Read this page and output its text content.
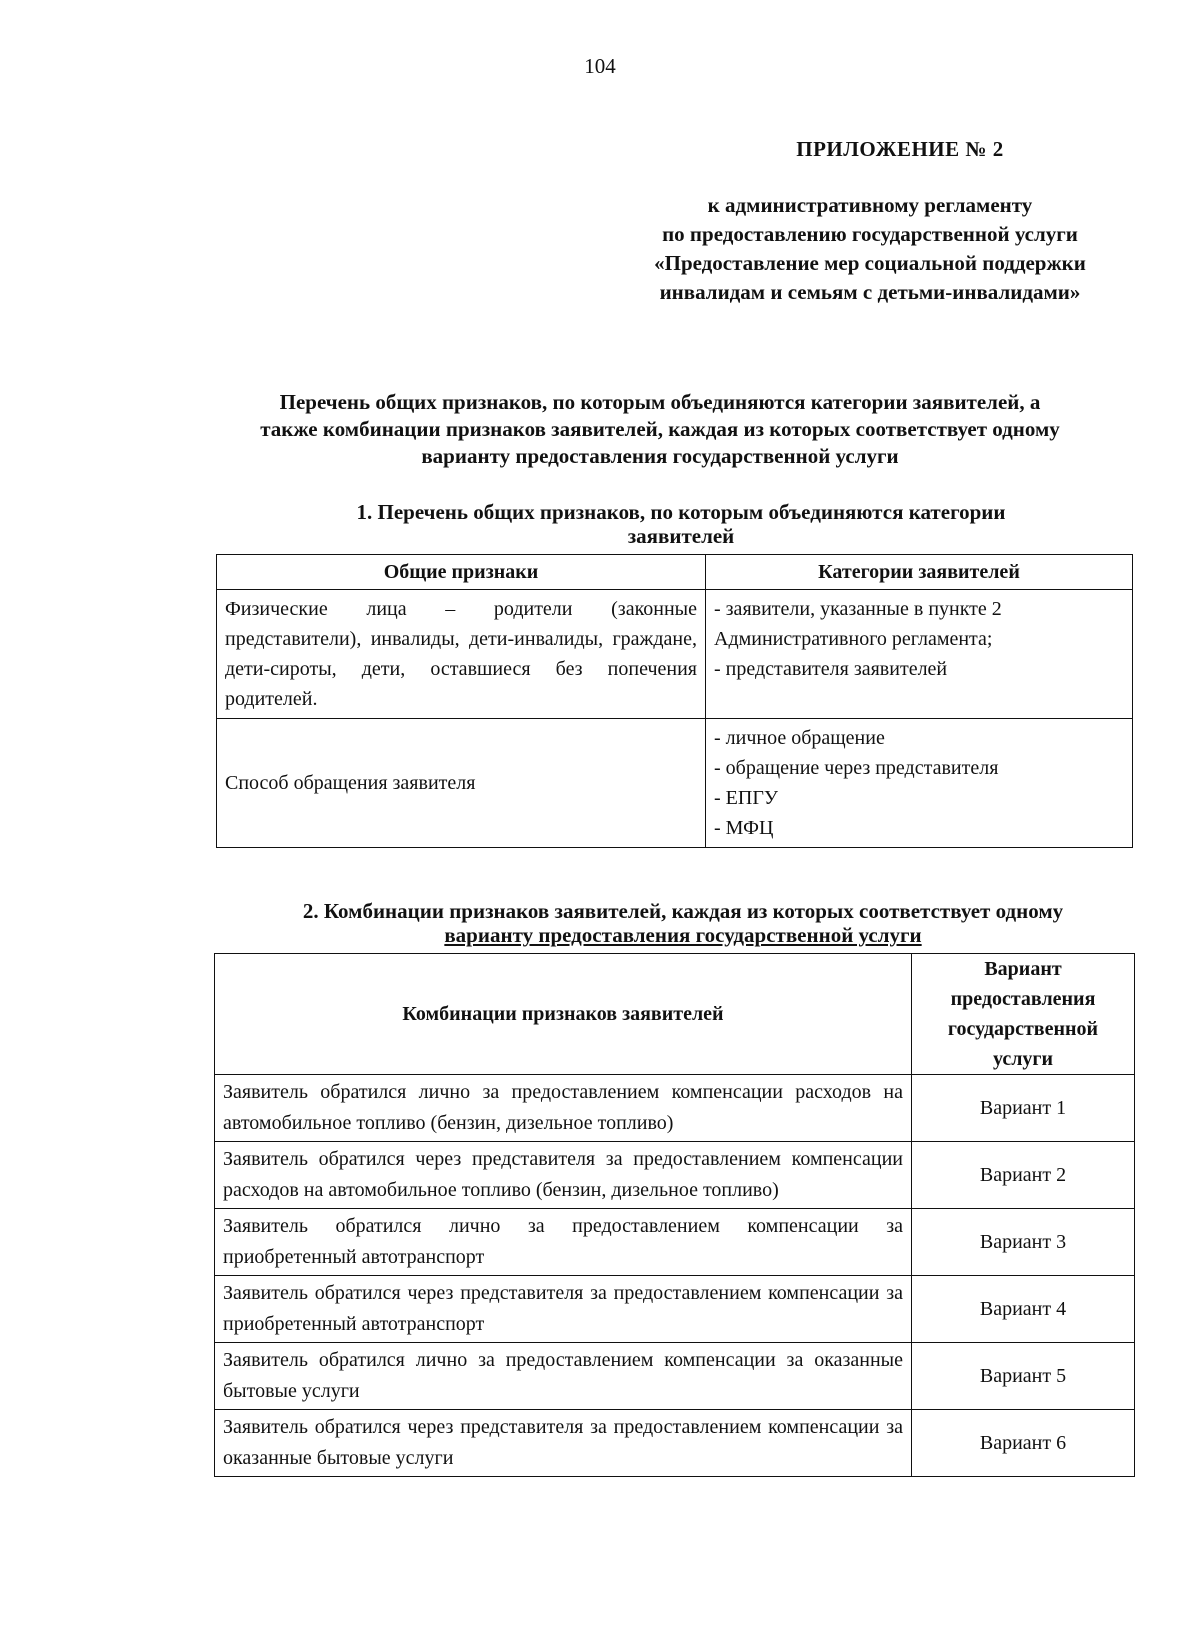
104
ПРИЛОЖЕНИЕ № 2
к административному регламенту
по предоставлению государственной услуги
«Предоставление мер социальной поддержки
инвалидам и семьям с детьми-инвалидами»
Перечень общих признаков, по которым объединяются категории заявителей, а
также комбинации признаков заявителей, каждая из которых соответствует одному
варианту предоставления государственной услуги
1. Перечень общих признаков, по которым объединяются категории
заявителей
Общие признаки	Категории заявителей
Физические лица – родители (законные представители), инвалиды, дети-инвалиды, граждане, дети-сироты, дети, оставшиеся без попечения родителей.	- заявители, указанные в пункте 2
Административного регламента;
- представителя заявителей

Способ обращения заявителя	- личное обращение
- обращение через представителя
- ЕПГУ
- МФЦ
2. Комбинации признаков заявителей, каждая из которых соответствует одному
варианту предоставления государственной услуги
Комбинации признаков заявителей	Вариант предоставления государственной услуги
Заявитель обратился лично за предоставлением компенсации расходов на автомобильное топливо (бензин, дизельное топливо)	Вариант 1
Заявитель обратился через представителя за предоставлением компенсации расходов на автомобильное топливо (бензин, дизельное топливо)	Вариант 2
Заявитель обратился лично за предоставлением компенсации за приобретенный автотранспорт	Вариант 3
Заявитель обратился через представителя за предоставлением компенсации за приобретенный автотранспорт	Вариант 4
Заявитель обратился лично за предоставлением компенсации за оказанные бытовые услуги	Вариант 5
Заявитель обратился через представителя за предоставлением компенсации за оказанные бытовые услуги	Вариант 6
